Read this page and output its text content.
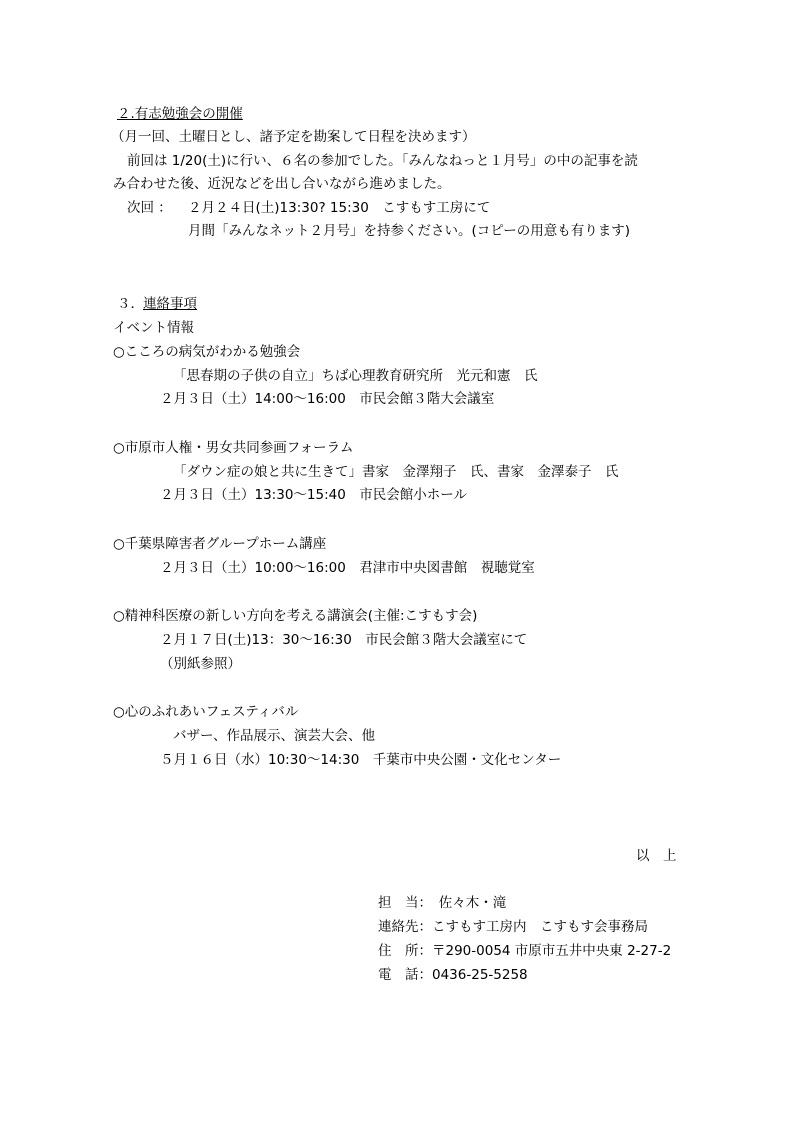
２.有志勉強会の開催
（月一回、土曜日とし、諸予定を勘案して日程を決めます）
前回は 1/20(土)に行い、６名の参加でした。「みんなねっと１月号」の中の記事を読
み合わせた後、近況などを出し合いながら進めました。
次回 ： ２月２４日(土)13:30? 15:30　こすもす工房にて
月間「みんなネット２月号」を持参ください。(コピーの用意も有ります)
３． 連絡事項
イベント情報
○こころの病気がわかる勉強会
「思春期の子供の自立」ちば心理教育研究所　光元和憲　氏
２月３日（土）14:00～16:00　市民会館３階大会議室
○市原市人権・男女共同参画フォーラム
「ダウン症の娘と共に生きて」書家　金澤翔子　氏、書家　金澤泰子　氏
２月３日（土）13:30～15:40　市民会館小ホール
○千葉県障害者グループホーム講座
２月３日（土）10:00～16:00　君津市中央図書館　視聴覚室
○精神科医療の新しい方向を考える講演会(主催:こすもす会)
２月１７日(土)13：30～16:30　市民会館３階大会議室にて
（別紙参照）
○心のふれあいフェスティバル
バザー、作品展示、演芸大会、他
５月１６日（水）10:30～14:30　千葉市中央公園・文化センター
以　上
担　当：　佐々木・滝
連絡先：こすもす工房内　こすもす会事務局
住　所：〒290-0054 市原市五井中央東 2-27-2
電　話：0436-25-5258
